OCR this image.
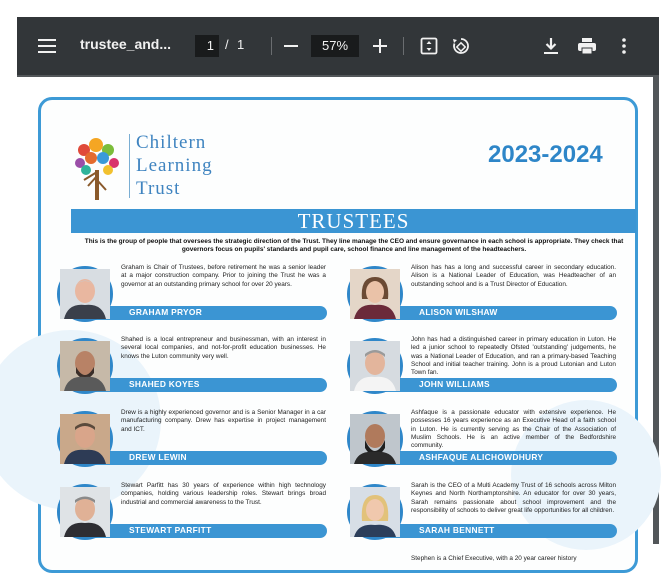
trustee_and...	1 / 1	57%
Chiltern
Learning
Trust
2023-2024
TRUSTEES
This is the group of people that oversees the strategic direction of the Trust. They line manage the CEO and ensure governance in each school is appropriate. They check that governors focus on pupils' standards and pupil care, school finance and line management of the headteachers.
Graham is Chair of Trustees, before retirement he was a senior leader at a major construction company. Prior to joining the Trust he was a governor at an outstanding primary school for over 20 years.
GRAHAM PRYOR
Shahed is a local entrepreneur and businessman, with an interest in several local companies, and not-for-profit education businesses. He knows the Luton community very well.
SHAHED KOYES
Drew is a highly experienced governor and is a Senior Manager in a car manufacturing company. Drew has expertise in project management and ICT.
DREW LEWIN
Stewart Parfitt has 30 years of experience within high technology companies, holding various leadership roles. Stewart brings broad industrial and commercial awareness to the Trust.
STEWART PARFITT
Alison has has a long and successful career in secondary education. Alison is a National Leader of Education, was Headteacher of an outstanding school and is a Trust Director of Education.
ALISON WILSHAW
John has had a distinguished career in primary education in Luton. He led a junior school to repeatedly Ofsted 'outstanding' judgements, he was a National Leader of Education, and ran a primary-based Teaching School and initial teacher training. John is a proud Lutonian and Luton Town fan.
JOHN WILLIAMS
Ashfaque is a passionate educator with extensive experience. He possesses 16 years experience as an Executive Head of a faith school in Luton. He is currently serving as the Chair of the Association of Muslim Schools. He is an active member of the Bedfordshire community.
ASHFAQUE ALICHOWDHURY
Sarah is the CEO of a Multi Academy Trust of 16 schools across Milton Keynes and North Northamptonshire. An educator for over 30 years, Sarah remains passionate about school improvement and the responsibility of schools to deliver great life opportunities for all children.
SARAH BENNETT
Stephen is a Chief Executive, with a 20 year career history
